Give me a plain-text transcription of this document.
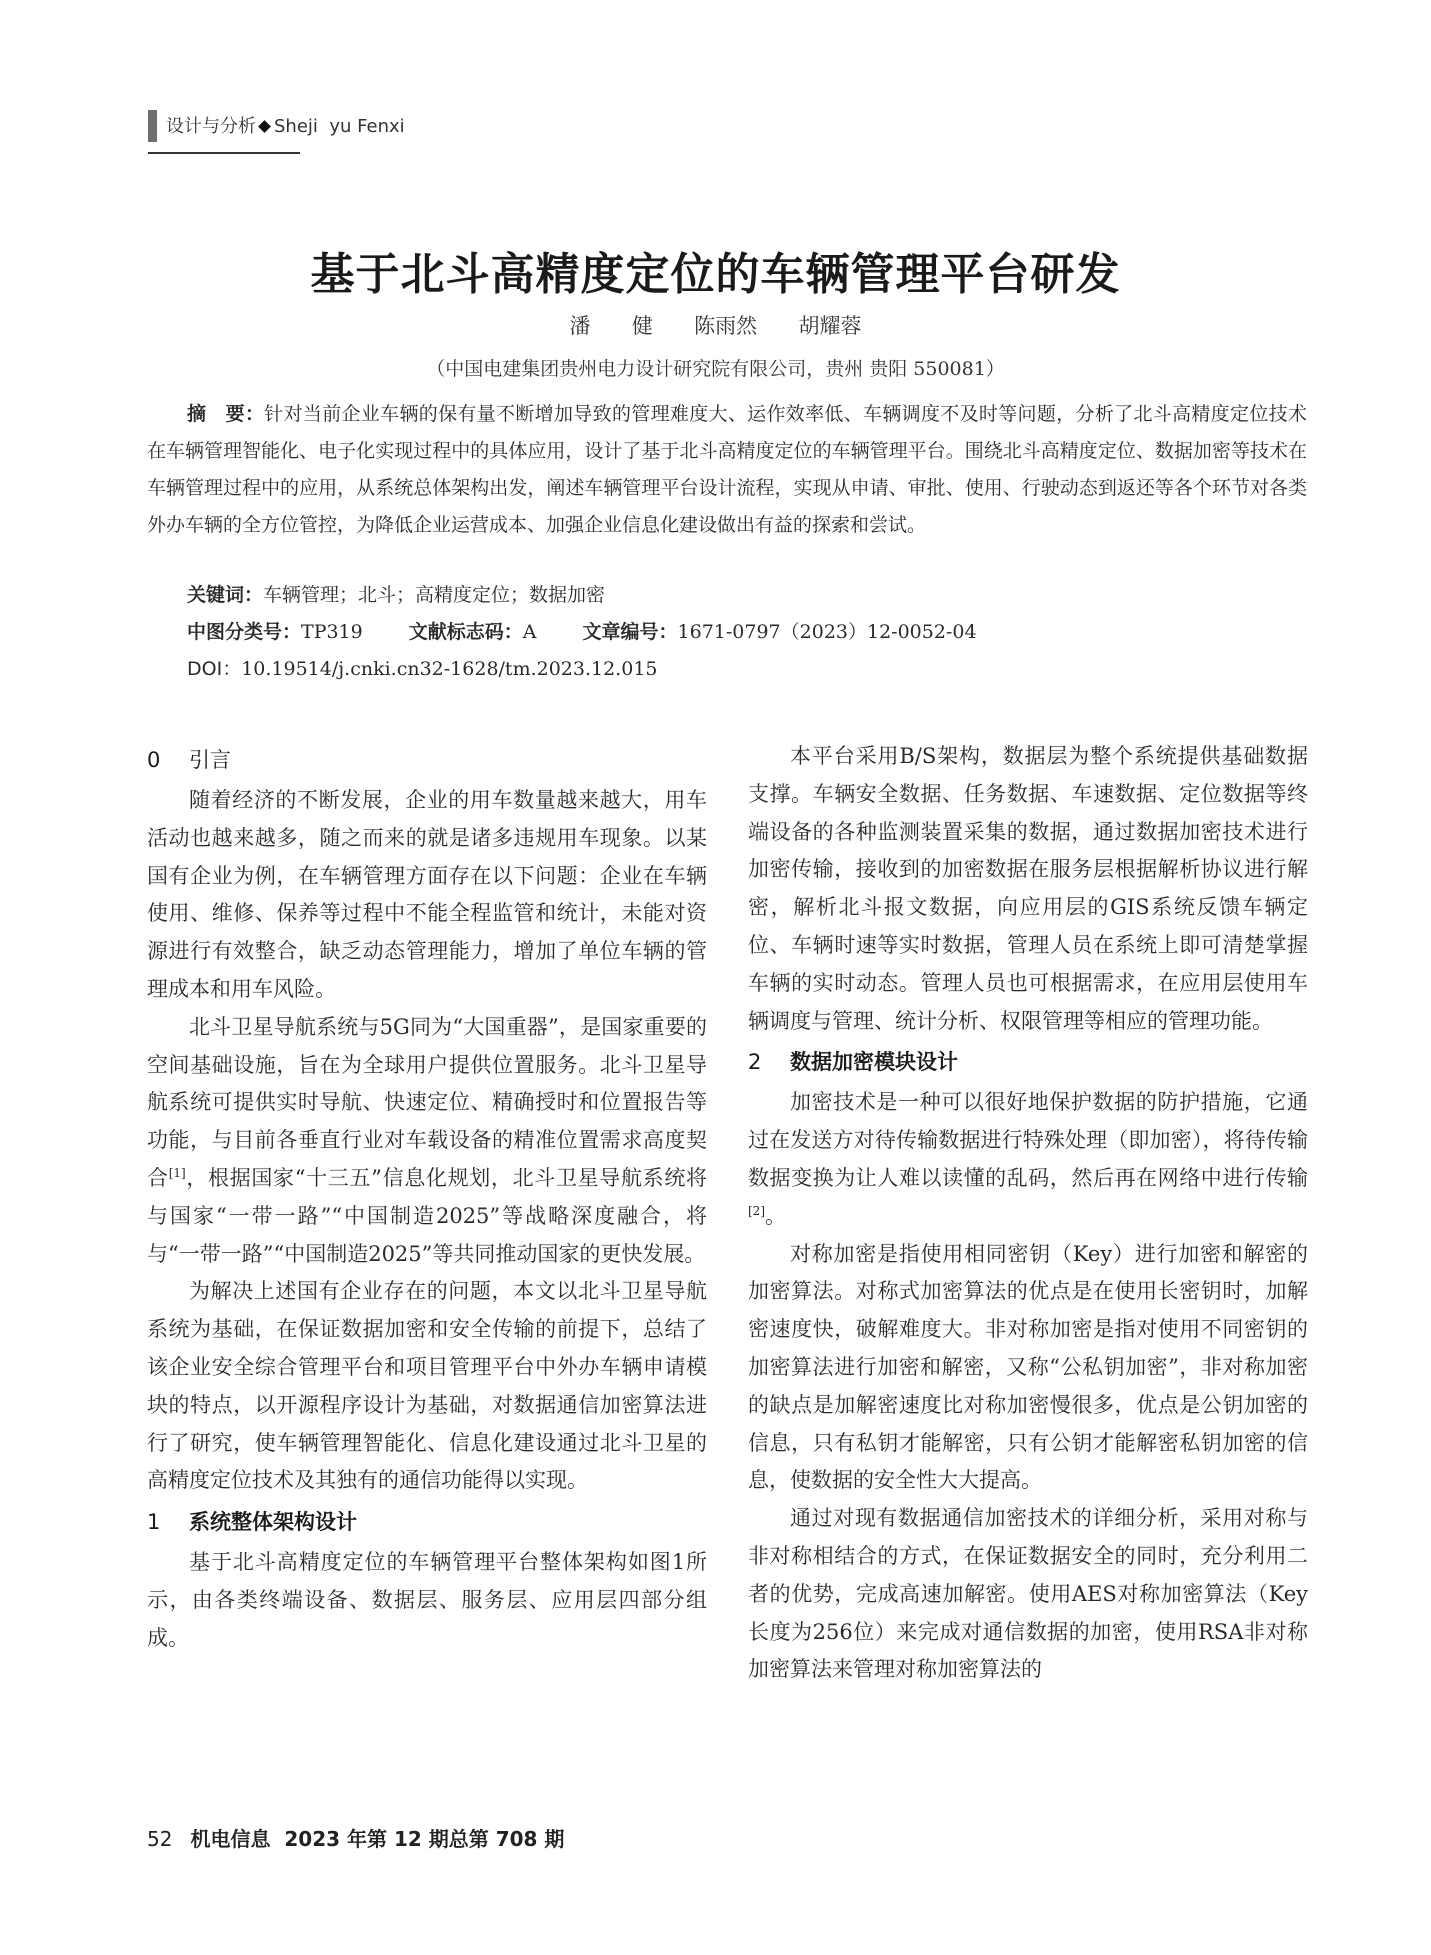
设计与分析 Sheji  yu Fenxi
基于北斗高精度定位的车辆管理平台研发
潘  健  陈雨然  胡耀蓉
（中国电建集团贵州电力设计研究院有限公司，贵州 贵阳 550081）
摘　要：针对当前企业车辆的保有量不断增加导致的管理难度大、运作效率低、车辆调度不及时等问题，分析了北斗高精度定位技术在车辆管理智能化、电子化实现过程中的具体应用，设计了基于北斗高精度定位的车辆管理平台。围绕北斗高精度定位、数据加密等技术在车辆管理过程中的应用，从系统总体架构出发，阐述车辆管理平台设计流程，实现从申请、审批、使用、行驶动态到返还等各个环节对各类外办车辆的全方位管控，为降低企业运营成本、加强企业信息化建设做出有益的探索和尝试。
关键词：车辆管理；北斗；高精度定位；数据加密
中图分类号：TP319 文献标志码：A 文章编号：1671-0797（2023）12-0052-04
DOI：10.19514/j.cnki.cn32-1628/tm.2023.12.015
0 引言

随着经济的不断发展，企业的用车数量越来越大，用车活动也越来越多，随之而来的就是诸多违规用车现象。以某国有企业为例，在车辆管理方面存在以下问题：企业在车辆使用、维修、保养等过程中不能全程监管和统计，未能对资源进行有效整合，缺乏动态管理能力，增加了单位车辆的管理成本和用车风险。

北斗卫星导航系统与5G同为“大国重器”，是国家重要的空间基础设施，旨在为全球用户提供位置服务。北斗卫星导航系统可提供实时导航、快速定位、精确授时和位置报告等功能，与目前各垂直行业对车载设备的精准位置需求高度契合[1]，根据国家“十三五”信息化规划，北斗卫星导航系统将与国家“一带一路”“中国制造2025”等战略深度融合，将与“一带一路”“中国制造2025”等共同推动国家的更快发展。

为解决上述国有企业存在的问题，本文以北斗卫星导航系统为基础，在保证数据加密和安全传输的前提下，总结了该企业安全综合管理平台和项目管理平台中外办车辆申请模块的特点，以开源程序设计为基础，对数据通信加密算法进行了研究，使车辆管理智能化、信息化建设通过北斗卫星的高精度定位技术及其独有的通信功能得以实现。

1 系统整体架构设计

基于北斗高精度定位的车辆管理平台整体架构如图1所示，由各类终端设备、数据层、服务层、应用层四部分组成。

本平台采用B/S架构，数据层为整个系统提供基础数据支撑。车辆安全数据、任务数据、车速数据、定位数据等终端设备的各种监测装置采集的数据，通过数据加密技术进行加密传输，接收到的加密数据在服务层根据解析协议进行解密，解析北斗报文数据，向应用层的GIS系统反馈车辆定位、车辆时速等实时数据，管理人员在系统上即可清楚掌握车辆的实时动态。管理人员也可根据需求，在应用层使用车辆调度与管理、统计分析、权限管理等相应的管理功能。

2 数据加密模块设计

加密技术是一种可以很好地保护数据的防护措施，它通过在发送方对待传输数据进行特殊处理（即加密），将待传输数据变换为让人难以读懂的乱码，然后再在网络中进行传输[2]。

对称加密是指使用相同密钥（Key）进行加密和解密的加密算法。对称式加密算法的优点是在使用长密钥时，加解密速度快，破解难度大。非对称加密是指对使用不同密钥的加密算法进行加密和解密，又称“公私钥加密”，非对称加密的缺点是加解密速度比对称加密慢很多，优点是公钥加密的信息，只有私钥才能解密，只有公钥才能解密私钥加密的信息，使数据的安全性大大提高。

通过对现有数据通信加密技术的详细分析，采用对称与非对称相结合的方式，在保证数据安全的同时，充分利用二者的优势，完成高速加解密。使用AES对称加密算法（Key长度为256位）来完成对通信数据的加密，使用RSA非对称加密算法来管理对称加密算法的

52 机电信息  2023 年第 12 期总第 708 期
